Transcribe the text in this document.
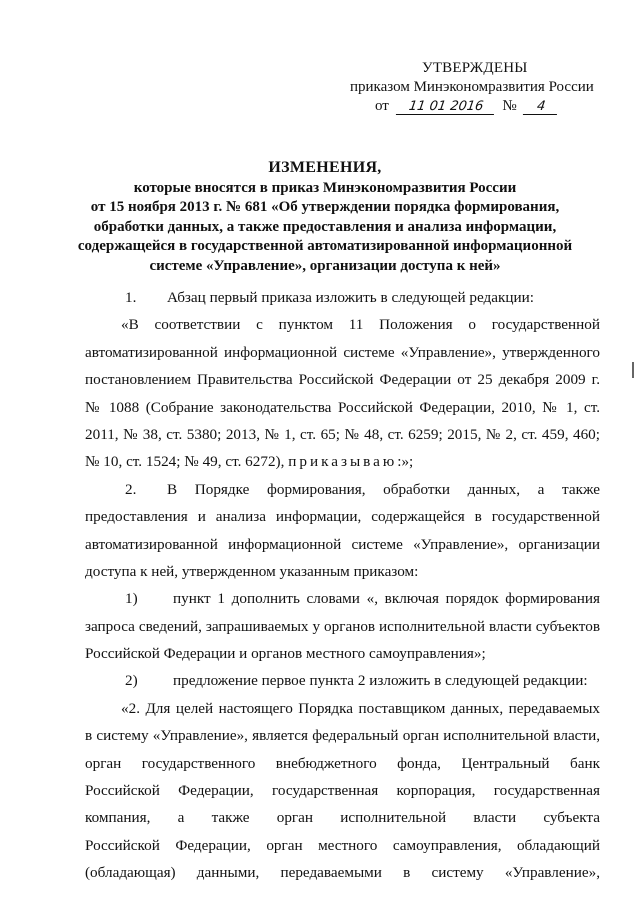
УТВЕРЖДЕНЫ
приказом Минэкономразвития России
от 11 01 2016 № 4
ИЗМЕНЕНИЯ,
которые вносятся в приказ Минэкономразвития России
от 15 ноября 2013 г. № 681 «Об утверждении порядка формирования,
обработки данных, а также предоставления и анализа информации,
содержащейся в государственной автоматизированной информационной
системе «Управление», организации доступа к ней»
1. Абзац первый приказа изложить в следующей редакции:
«В соответствии с пунктом 11 Положения о государственной
автоматизированной информационной системе «Управление», утвержденного
постановлением Правительства Российской Федерации от 25 декабря 2009 г.
№ 1088 (Собрание законодательства Российской Федерации, 2010, № 1, ст.
2011, № 38, ст. 5380; 2013, № 1, ст. 65; № 48, ст. 6259; 2015, № 2, ст. 459, 460;
№ 10, ст. 1524; № 49, ст. 6272), приказываю:»;
2.	В Порядке формирования, обработки данных, а также
предоставления и анализа информации, содержащейся в государственной
автоматизированной информационной системе «Управление», организации
доступа к ней, утвержденном указанным приказом:
1)	пункт 1 дополнить словами «, включая порядок формирования
запроса сведений, запрашиваемых у органов исполнительной власти субъектов
Российской Федерации и органов местного самоуправления»;
2) предложение первое пункта 2 изложить в следующей редакции:
«2. Для целей настоящего Порядка поставщиком данных, передаваемых
в систему «Управление», является федеральный орган исполнительной власти,
орган государственного внебюджетного фонда, Центральный банк
Российской Федерации, государственная корпорация, государственная
компания, а также орган исполнительной власти субъекта
Российской Федерации, орган местного самоуправления, обладающий
(обладающая) данными, передаваемыми в систему «Управление»,
